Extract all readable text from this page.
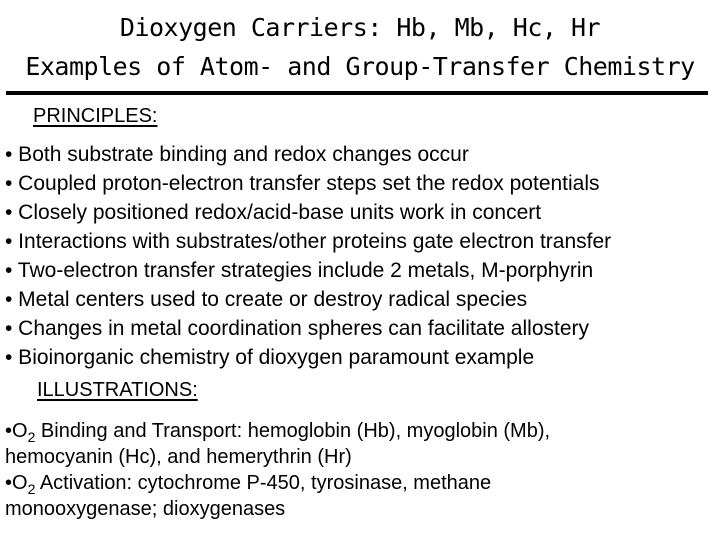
Dioxygen Carriers: Hb, Mb, Hc, Hr
Examples of Atom- and Group-Transfer Chemistry
PRINCIPLES:
• Both substrate binding and redox changes occur
• Coupled proton-electron transfer steps set the redox potentials
• Closely positioned redox/acid-base units work in concert
• Interactions with substrates/other proteins gate electron transfer
• Two-electron transfer strategies include 2 metals, M-porphyrin
• Metal centers used to create or destroy radical species
• Changes in metal coordination spheres can facilitate allostery
• Bioinorganic chemistry of dioxygen paramount example
ILLUSTRATIONS:
$•O_2$ Binding and Transport: hemoglobin (Hb), myoglobin (Mb),
hemocyanin (Hc), and hemerythrin (Hr)
$•O_2$ Activation: cytochrome P-450, tyrosinase, methane
monooxygenase; dioxygenases
